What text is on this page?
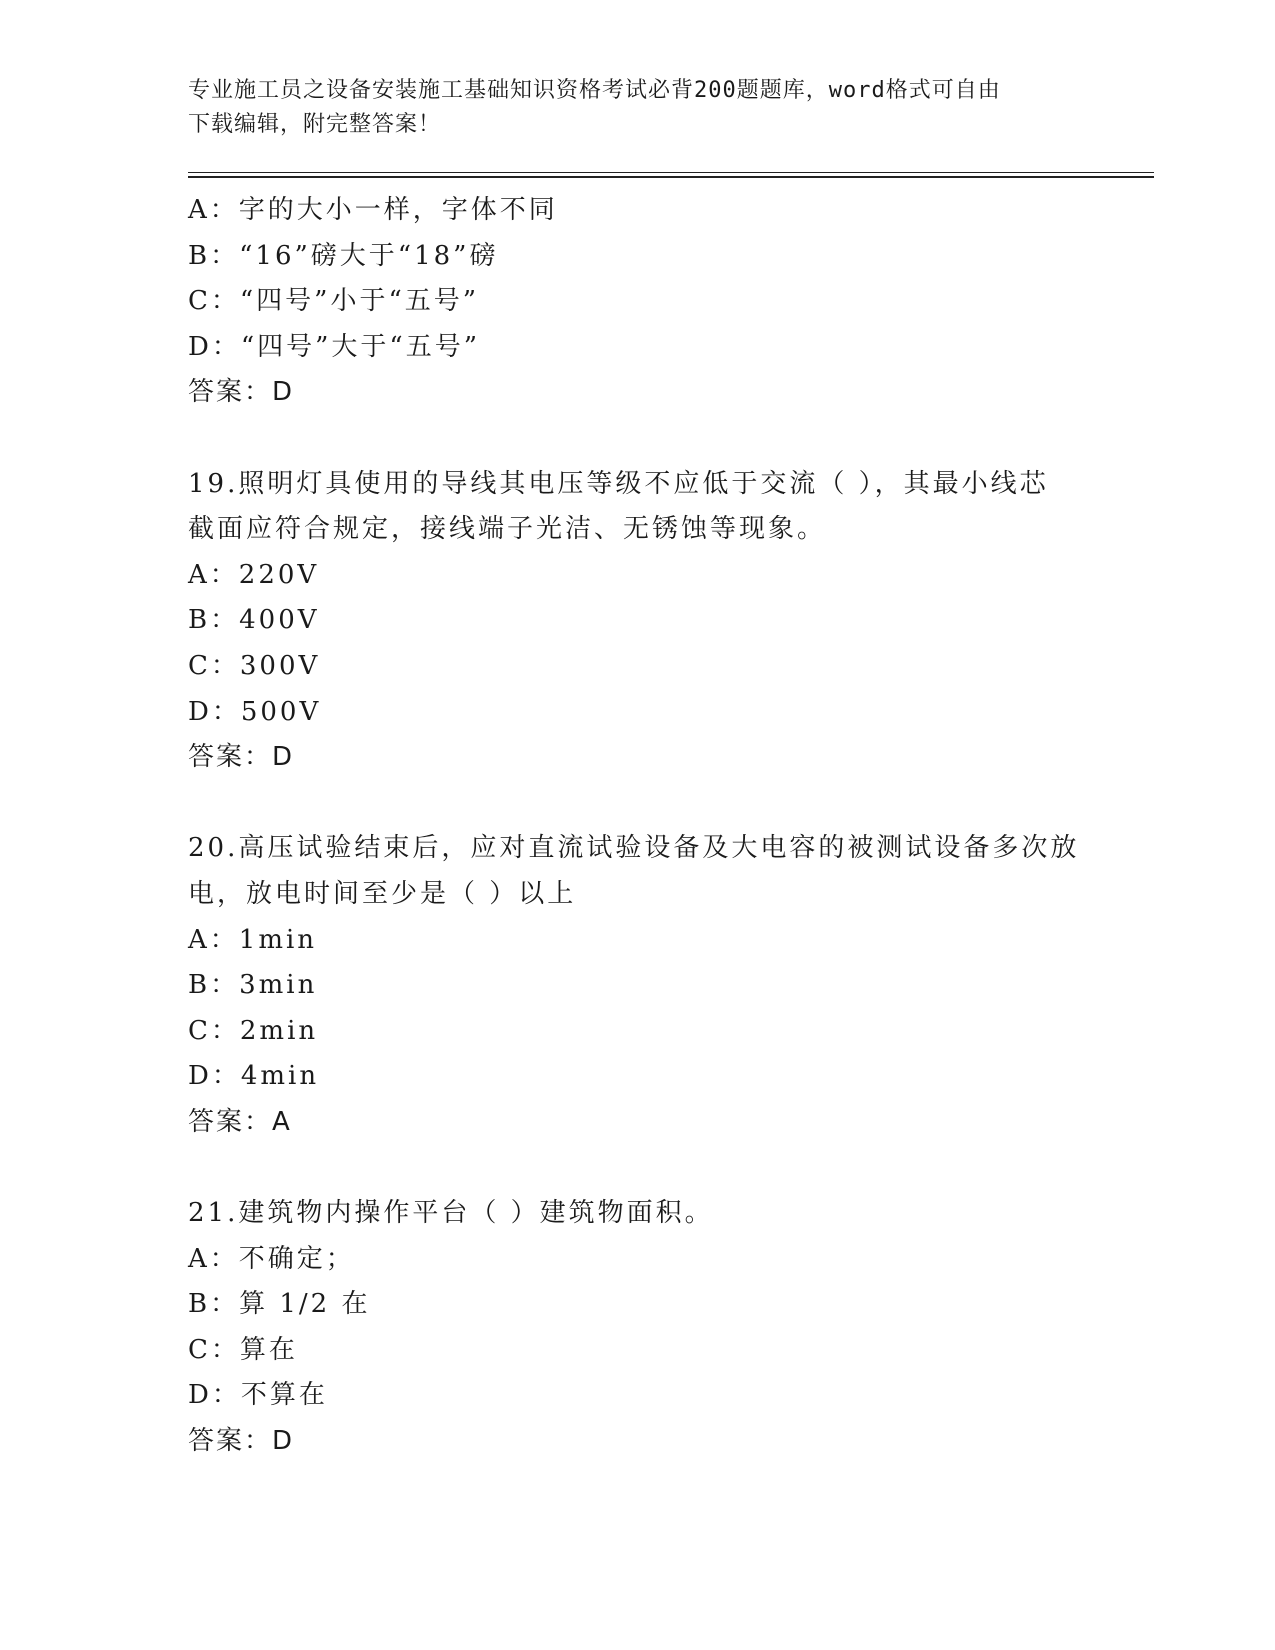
专业施工员之设备安装施工基础知识资格考试必背200题题库，word格式可自由
下载编辑，附完整答案！
A：字的大小一样，字体不同
B：“16”磅大于“18”磅
C：“四号”小于“五号”
D：“四号”大于“五号”
答案：D
19.照明灯具使用的导线其电压等级不应低于交流（ ），其最小线芯
截面应符合规定，接线端子光洁、无锈蚀等现象。
A：220V
B：400V
C：300V
D：500V
答案：D
20.高压试验结束后，应对直流试验设备及大电容的被测试设备多次放
电，放电时间至少是（ ）以上
A：1min
B：3min
C：2min
D：4min
答案：A
21.建筑物内操作平台（ ）建筑物面积。
A：不确定；
B：算 1/2 在
C：算在
D：不算在
答案：D
